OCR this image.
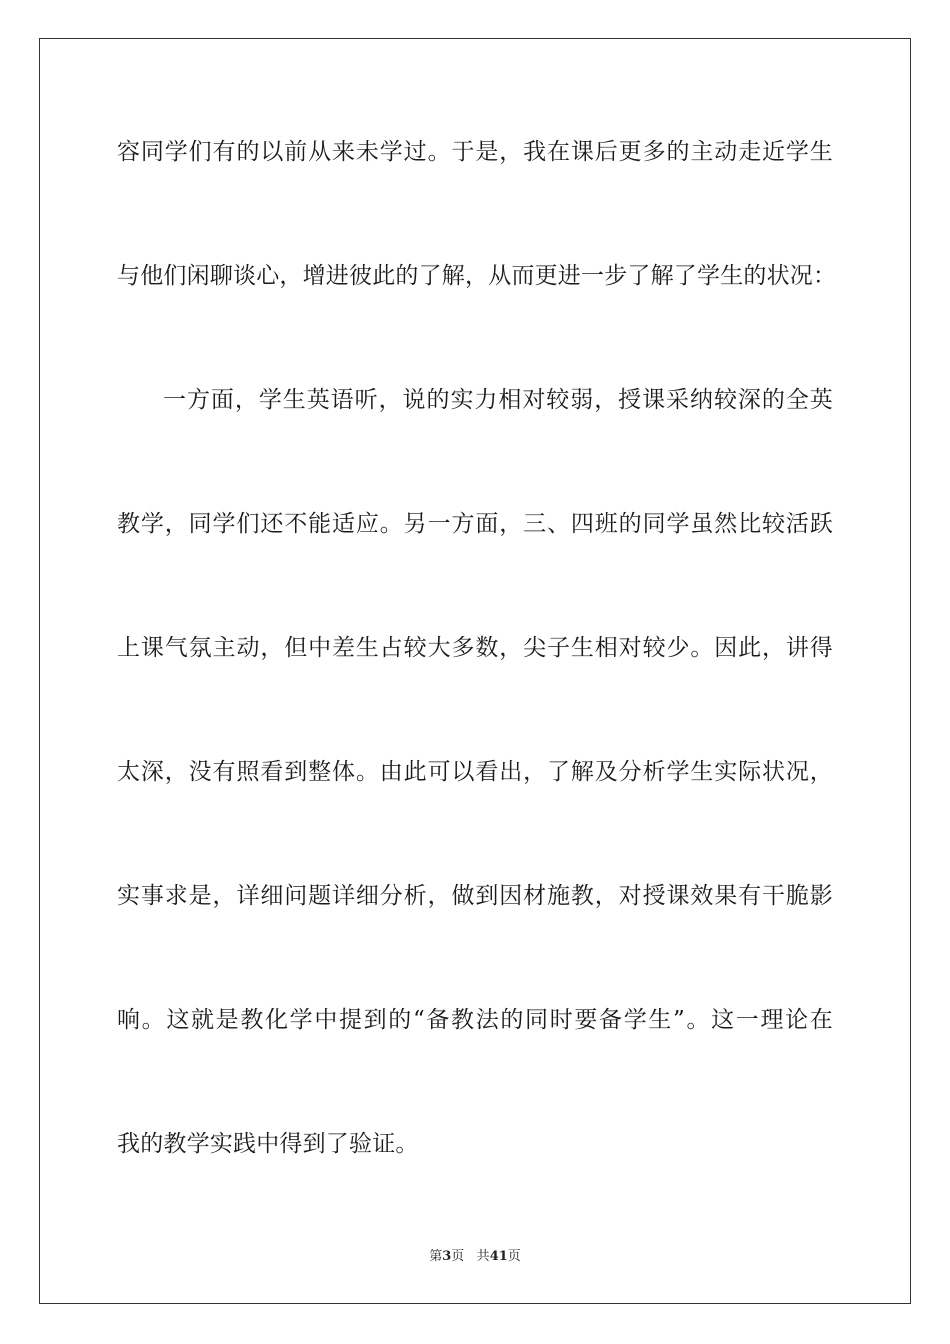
容同学们有的以前从来未学过。于是，我在课后更多的主动走近学生
与他们闲聊谈心，增进彼此的了解，从而更进一步了解了学生的状况：
一方面，学生英语听，说的实力相对较弱，授课采纳较深的全英
教学，同学们还不能适应。另一方面，三、四班的同学虽然比较活跃
上课气氛主动，但中差生占较大多数，尖子生相对较少。因此，讲得
太深，没有照看到整体。由此可以看出，了解及分析学生实际状况，
实事求是，详细问题详细分析，做到因材施教，对授课效果有干脆影
响。这就是教化学中提到的“备教法的同时要备学生”。这一理论在
我的教学实践中得到了验证。
第3页 共41页
